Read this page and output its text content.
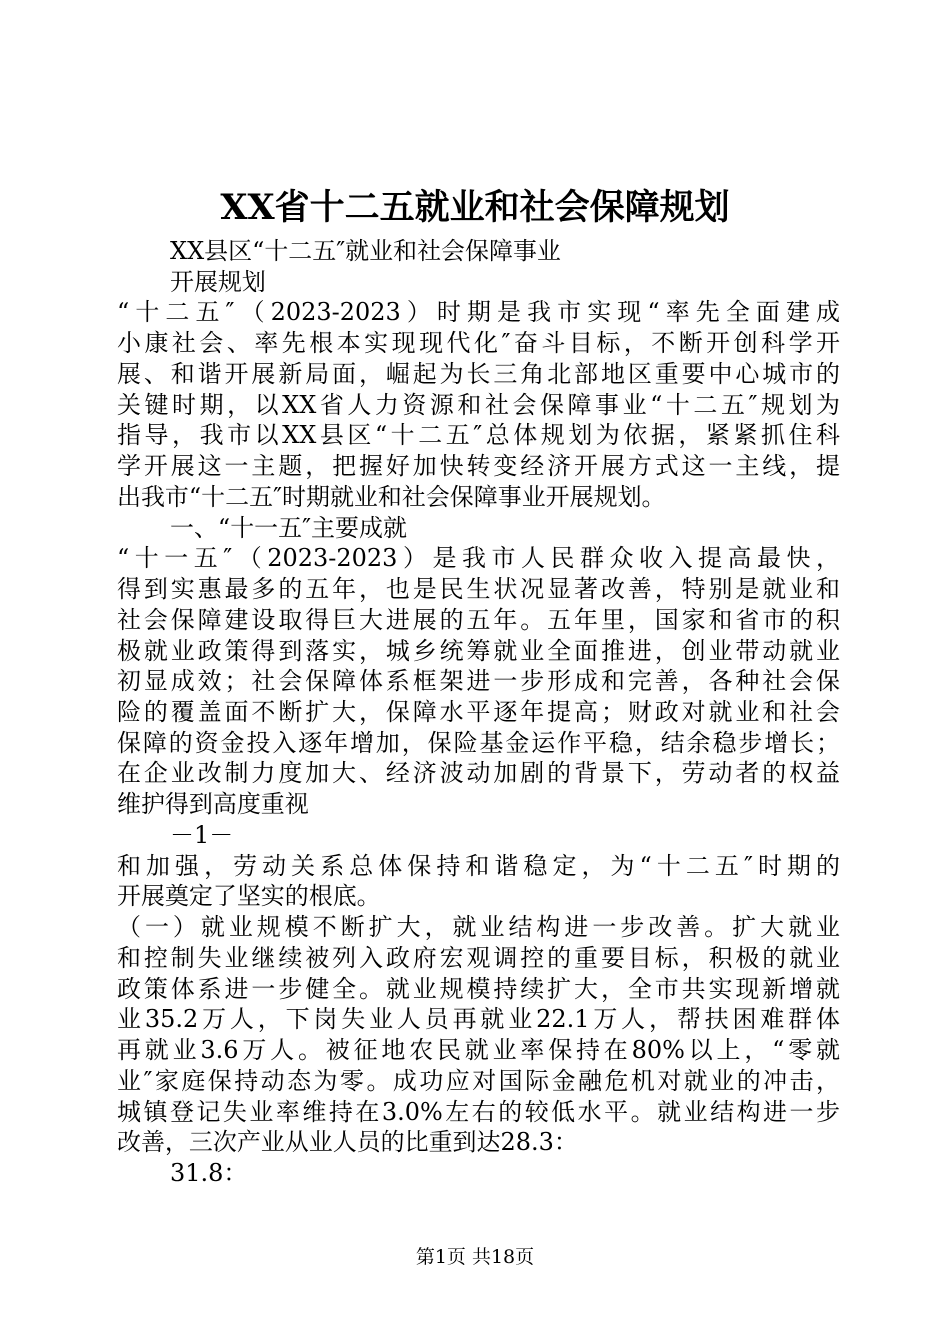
XX省十二五就业和社会保障规划
XX县区“十二五″就业和社会保障事业
开展规划
“十二五″（2023-2023）时期是我市实现“率先全面建成
小康社会、率先根本实现现代化″奋斗目标，不断开创科学开
展、和谐开展新局面，崛起为长三角北部地区重要中心城市的
关键时期，以XX省人力资源和社会保障事业“十二五″规划为
指导，我市以XX县区“十二五″总体规划为依据，紧紧抓住科
学开展这一主题，把握好加快转变经济开展方式这一主线，提
出我市“十二五″时期就业和社会保障事业开展规划。
一、“十一五″主要成就
“十一五″（2023-2023）是我市人民群众收入提高最快，
得到实惠最多的五年，也是民生状况显著改善，特别是就业和
社会保障建设取得巨大进展的五年。五年里，国家和省市的积
极就业政策得到落实，城乡统筹就业全面推进，创业带动就业
初显成效；社会保障体系框架进一步形成和完善，各种社会保
险的覆盖面不断扩大，保障水平逐年提高；财政对就业和社会
保障的资金投入逐年增加，保险基金运作平稳，结余稳步增长；
在企业改制力度加大、经济波动加剧的背景下，劳动者的权益
维护得到高度重视
－1－
和加强，劳动关系总体保持和谐稳定，为“十二五″时期的
开展奠定了坚实的根底。
（一）就业规模不断扩大，就业结构进一步改善。扩大就业
和控制失业继续被列入政府宏观调控的重要目标，积极的就业
政策体系进一步健全。就业规模持续扩大，全市共实现新增就
业35.2万人，下岗失业人员再就业22.1万人，帮扶困难群体
再就业3.6万人。被征地农民就业率保持在80%以上，“零就
业″家庭保持动态为零。成功应对国际金融危机对就业的冲击，
城镇登记失业率维持在3.0%左右的较低水平。就业结构进一步
改善，三次产业从业人员的比重到达28.3：
31.8：
第1页 共18页
